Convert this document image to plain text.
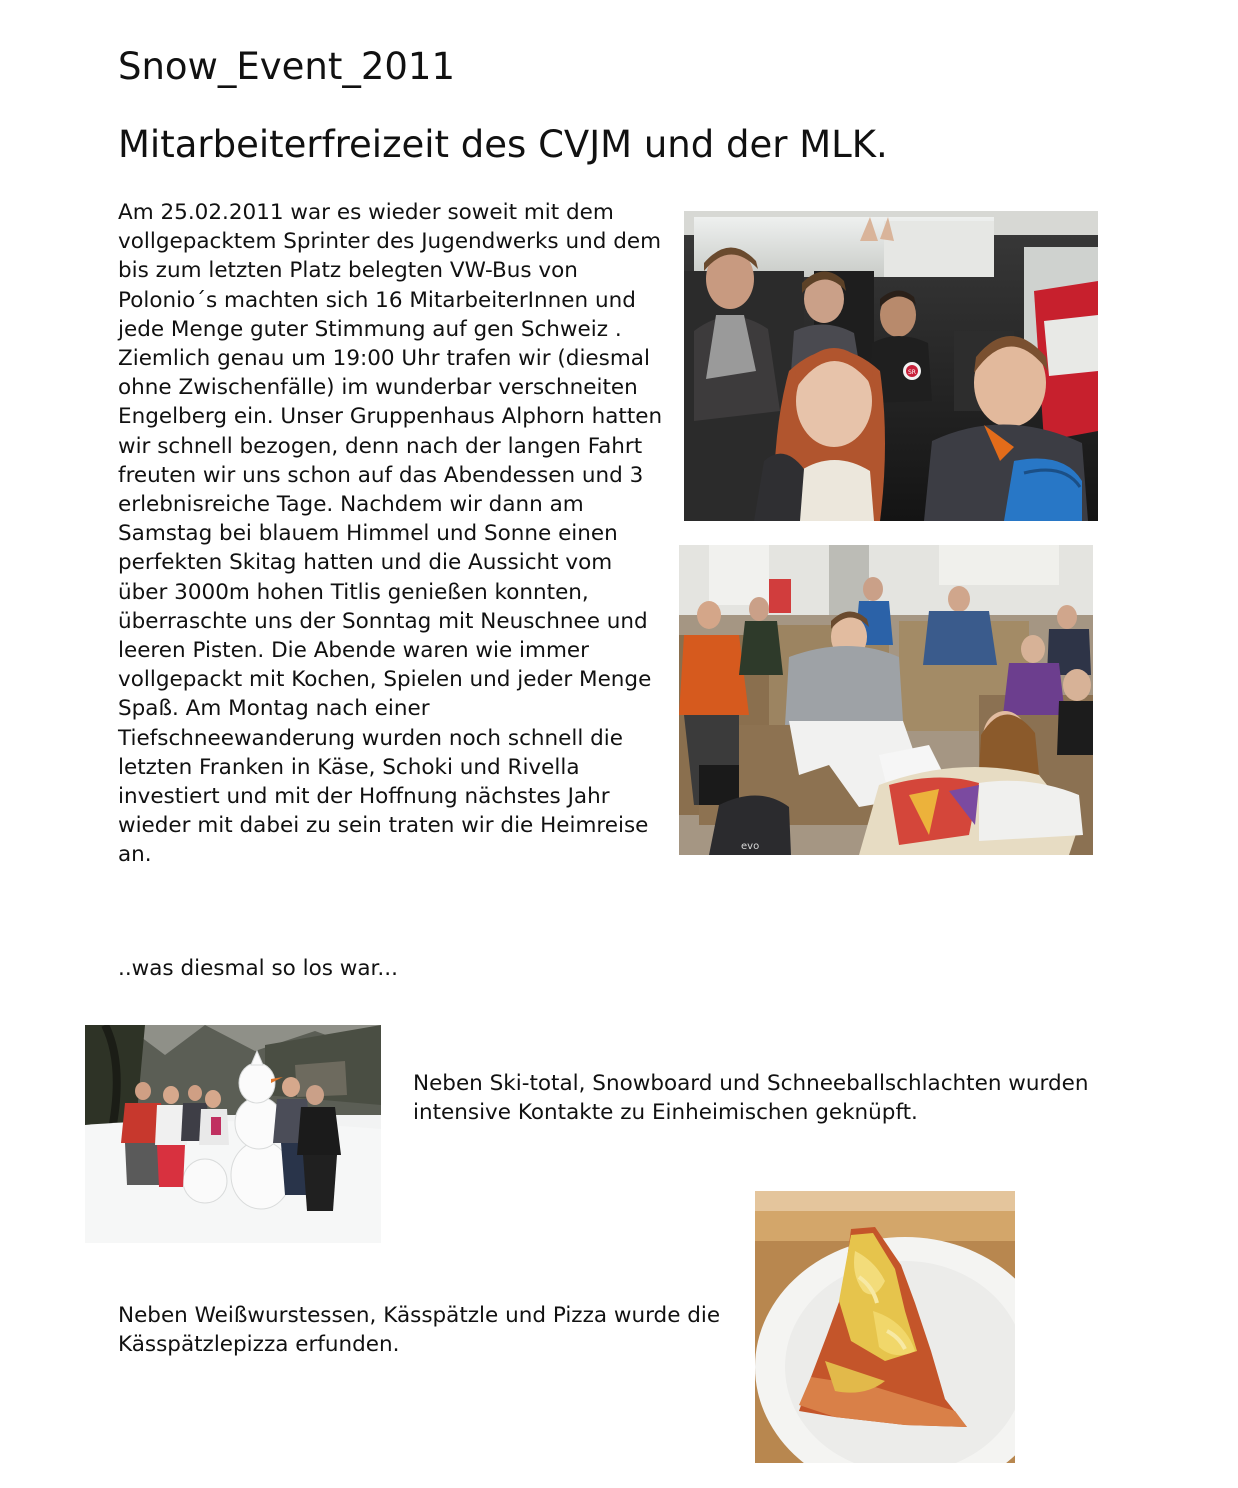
Snow_Event_2011
Mitarbeiterfreizeit des CVJM und der MLK.
Am 25.02.2011 war es wieder soweit mit dem
vollgepacktem Sprinter des Jugendwerks und dem
bis zum letzten Platz belegten VW-Bus von
Polonio´s machten sich 16 MitarbeiterInnen und
jede Menge guter Stimmung auf gen Schweiz .
Ziemlich genau um 19:00 Uhr trafen wir (diesmal
ohne Zwischenfälle) im wunderbar verschneiten
Engelberg ein. Unser Gruppenhaus Alphorn hatten
wir schnell bezogen, denn nach der langen Fahrt
freuten wir uns schon auf das Abendessen und 3
erlebnisreiche Tage. Nachdem wir dann am
Samstag bei blauem Himmel und Sonne einen
perfekten Skitag hatten und die Aussicht vom
über 3000m hohen Titlis genießen konnten,
überraschte uns der Sonntag mit Neuschnee und
leeren Pisten. Die Abende waren wie immer
vollgepackt mit Kochen, Spielen und jeder Menge
Spaß. Am Montag nach einer
Tiefschneewanderung wurden noch schnell die
letzten Franken in Käse, Schoki und Rivella
investiert und mit der Hoffnung nächstes Jahr
wieder mit dabei zu sein traten wir die Heimreise
an.
SR
evo
..was diesmal so los war...
Neben Ski-total, Snowboard und Schneeballschlachten wurden
intensive Kontakte zu Einheimischen geknüpft.
Neben Weißwurstessen, Kässpätzle und Pizza wurde die
Kässpätzlepizza erfunden.
